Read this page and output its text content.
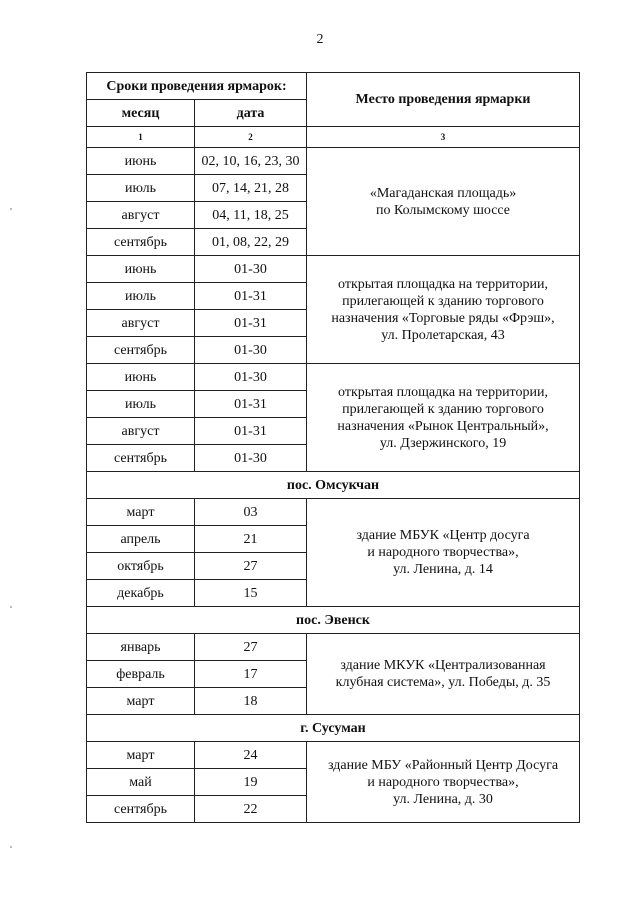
2
Сроки проведения ярмарок:		Место проведения ярмарки
месяц	дата	
1	2	3
июнь	02, 10, 16, 23, 30	«Магаданская площадь»
по Колымскому шоссе

июль	07, 14, 21, 28	
август	04, 11, 18, 25	
сентябрь	01, 08, 22, 29	
июнь	01-30	открытая площадка на территории,
прилегающей к зданию торгового
назначения «Торговые ряды «Фрэш»,
ул. Пролетарская, 43

июль	01-31	
август	01-31	
сентябрь	01-30	
июнь	01-30	открытая площадка на территории,
прилегающей к зданию торгового
назначения «Рынок Центральный»,
ул. Дзержинского, 19

июль	01-31	
август	01-31	
сентябрь	01-30	
пос. Омсукчан		
март	03	здание МБУК «Центр досуга
и народного творчества»,
ул. Ленина, д. 14

апрель	21	
октябрь	27	
декабрь	15	
пос. Эвенск		
январь	27	здание МКУК «Централизованная
клубная система», ул. Победы, д. 35

февраль	17	
март	18	
г. Сусуман		
март	24	здание МБУ «Районный Центр Досуга
и народного творчества»,
ул. Ленина, д. 30

май	19	
сентябрь	22	
